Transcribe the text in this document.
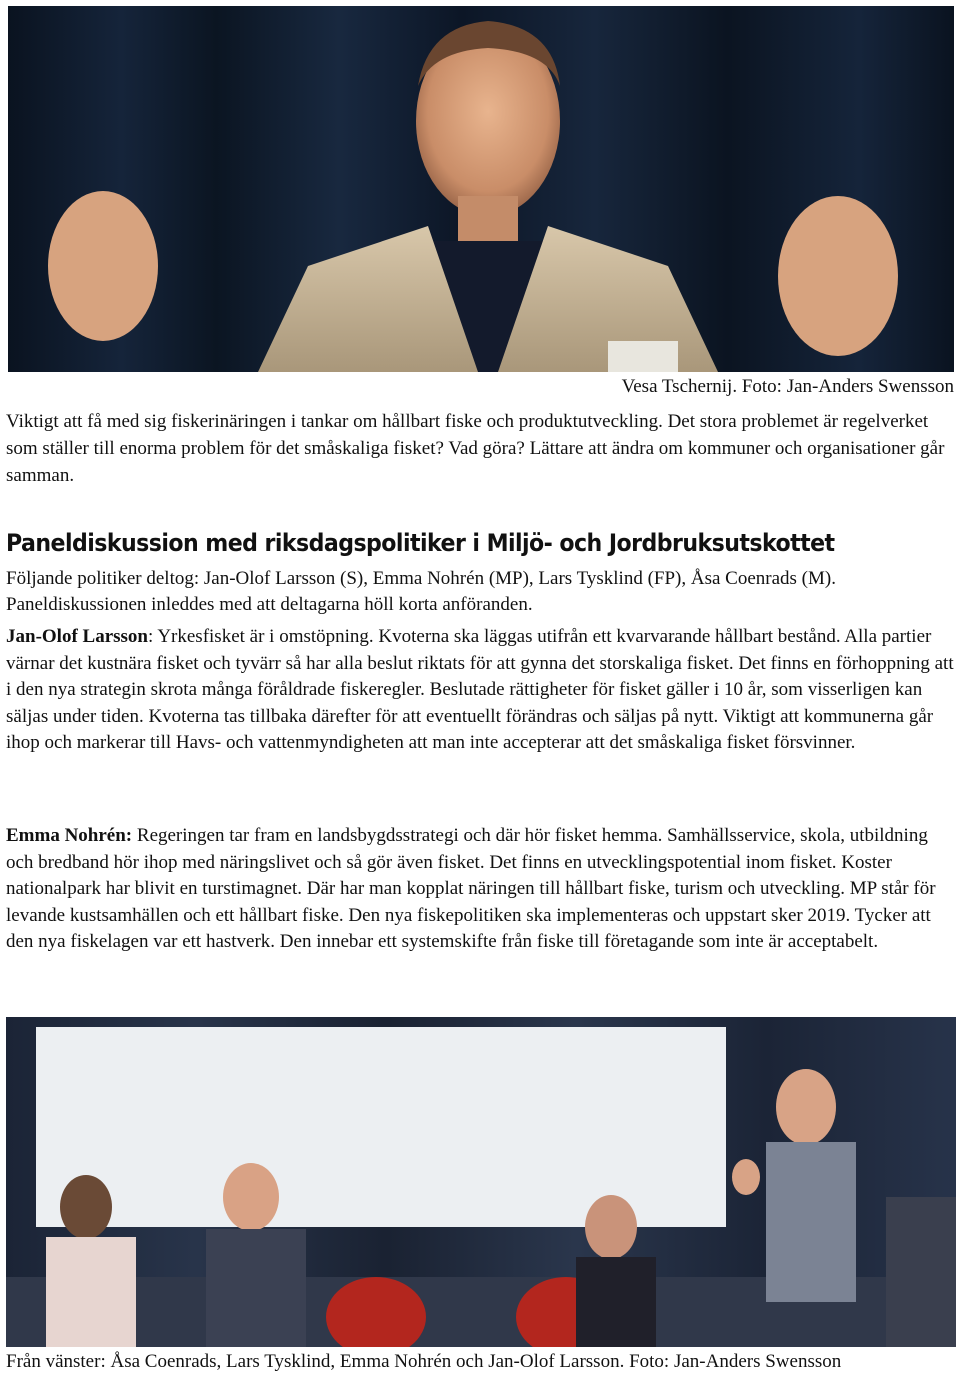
Vesa Tschernij. Foto: Jan-Anders Swensson

Viktigt att få med sig fiskerinäringen i tankar om hållbart fiske och produktutveckling. Det stora problemet är regelverket som ställer till enorma problem för det småskaliga fisket? Vad göra? Lättare att ändra om kommuner och organisationer går samman.

Paneldiskussion med riksdagspolitiker i Miljö- och Jordbruksutskottet

Följande politiker deltog: Jan-Olof Larsson (S), Emma Nohrén (MP), Lars Tysklind (FP), Åsa Coenrads (M). Paneldiskussionen inleddes med att deltagarna höll korta anföranden.

Jan-Olof Larsson: Yrkesfisket är i omstöpning. Kvoterna ska läggas utifrån ett kvarvarande hållbart bestånd. Alla partier värnar det kustnära fisket och tyvärr så har alla beslut riktats för att gynna det storskaliga fisket. Det finns en förhoppning att i den nya strategin skrota många föråldrade fiskeregler. Beslutade rättigheter för fisket gäller i 10 år, som visserligen kan säljas under tiden. Kvoterna tas tillbaka därefter för att eventuellt förändras och säljas på nytt. Viktigt att kommunerna går ihop och markerar till Havs- och vattenmyndigheten att man inte accepterar att det småskaliga fisket försvinner.

Emma Nohrén: Regeringen tar fram en landsbygdsstrategi och där hör fisket hemma. Samhällsservice, skola, utbildning och bredband hör ihop med näringslivet och så gör även fisket. Det finns en utvecklingspotential inom fisket. Koster nationalpark har blivit en turstimagnet. Där har man kopplat näringen till hållbart fiske, turism och utveckling. MP står för levande kustsamhällen och ett hållbart fiske. Den nya fiskepolitiken ska implementeras och uppstart sker 2019. Tycker att den nya fiskelagen var ett hastverk. Den innebar ett systemskifte från fiske till företagande som inte är acceptabelt.

Från vänster: Åsa Coenrads, Lars Tysklind, Emma Nohrén och Jan-Olof Larsson. Foto: Jan-Anders Swensson
